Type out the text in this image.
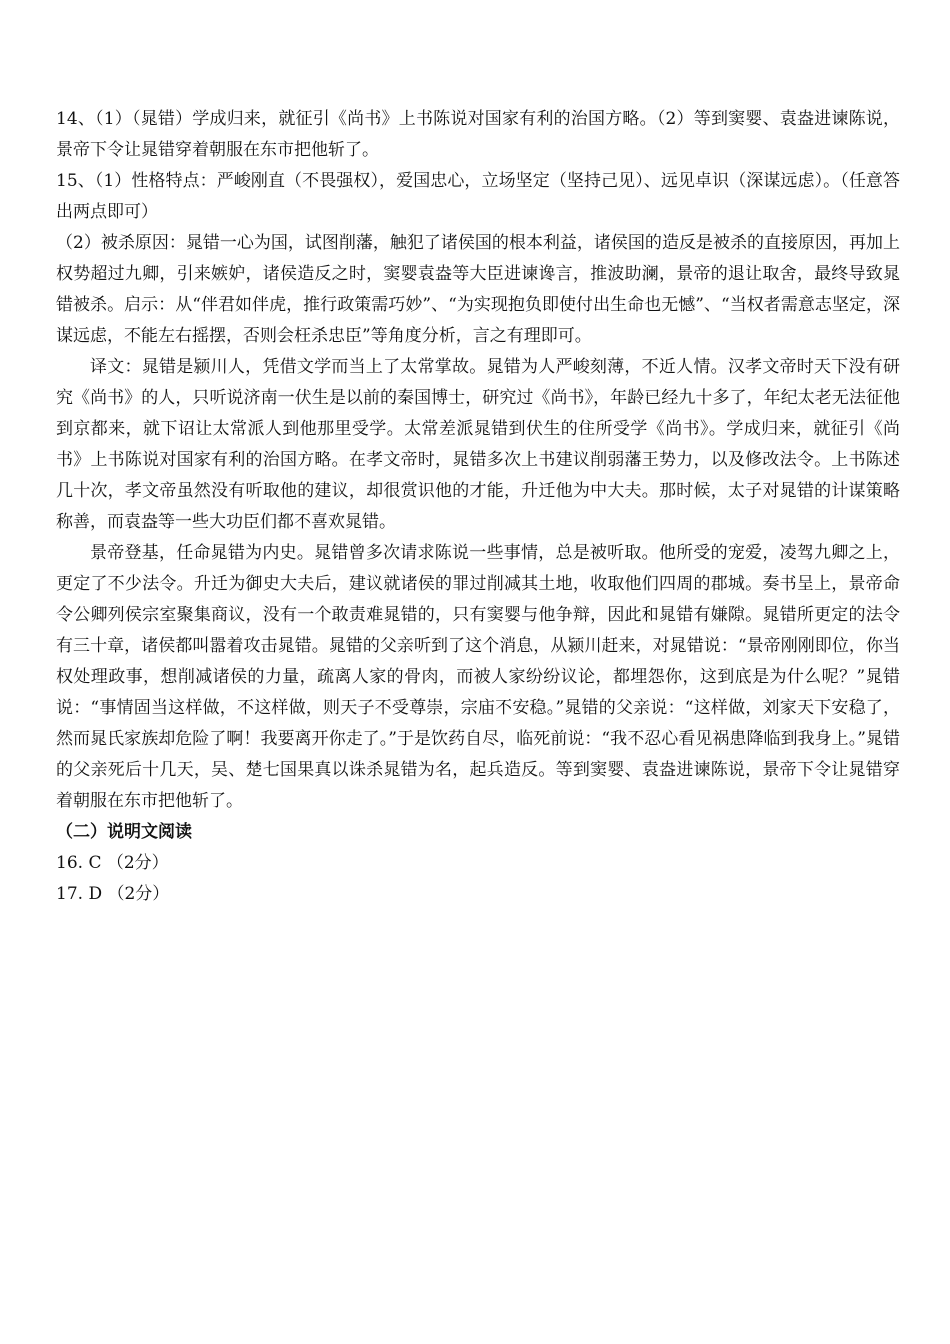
14、（1）（晁错）学成归来，就征引《尚书》上书陈说对国家有利的治国方略。（2）等到窦婴、袁盎进谏陈说，景帝下令让晁错穿着朝服在东市把他斩了。

15、（1）性格特点：严峻刚直（不畏强权），爱国忠心，立场坚定（坚持己见）、远见卓识（深谋远虑）。（任意答出两点即可）

（2）被杀原因：晁错一心为国，试图削藩，触犯了诸侯国的根本利益，诸侯国的造反是被杀的直接原因，再加上权势超过九卿，引来嫉妒，诸侯造反之时，窦婴袁盎等大臣进谏谗言，推波助澜，景帝的退让取舍，最终导致晁错被杀。启示：从“伴君如伴虎，推行政策需巧妙”、“为实现抱负即使付出生命也无憾”、“当权者需意志坚定，深谋远虑，不能左右摇摆，否则会枉杀忠臣”等角度分析，言之有理即可。

译文：晁错是颍川人，凭借文学而当上了太常掌故。晁错为人严峻刻薄，不近人情。汉孝文帝时天下没有研究《尚书》的人，只听说济南一伏生是以前的秦国博士，研究过《尚书》，年龄已经九十多了，年纪太老无法征他到京都来，就下诏让太常派人到他那里受学。太常差派晁错到伏生的住所受学《尚书》。学成归来，就征引《尚书》上书陈说对国家有利的治国方略。在孝文帝时，晁错多次上书建议削弱藩王势力，以及修改法令。上书陈述几十次，孝文帝虽然没有听取他的建议，却很赏识他的才能，升迁他为中大夫。那时候，太子对晁错的计谋策略称善，而袁盎等一些大功臣们都不喜欢晁错。

景帝登基，任命晁错为内史。晁错曾多次请求陈说一些事情，总是被听取。他所受的宠爱，凌驾九卿之上，更定了不少法令。升迁为御史大夫后，建议就诸侯的罪过削减其土地，收取他们四周的郡城。奏书呈上，景帝命令公卿列侯宗室聚集商议，没有一个敢责难晁错的，只有窦婴与他争辩，因此和晁错有嫌隙。晁错所更定的法令有三十章，诸侯都叫嚣着攻击晁错。晁错的父亲听到了这个消息，从颍川赶来，对晁错说：“景帝刚刚即位，你当权处理政事，想削减诸侯的力量，疏离人家的骨肉，而被人家纷纷议论，都埋怨你，这到底是为什么呢？”晁错说：“事情固当这样做，不这样做，则天子不受尊崇，宗庙不安稳。”晁错的父亲说：“这样做，刘家天下安稳了，然而晁氏家族却危险了啊！我要离开你走了。”于是饮药自尽，临死前说：“我不忍心看见祸患降临到我身上。”晁错的父亲死后十几天，吴、楚七国果真以诛杀晁错为名，起兵造反。等到窦婴、袁盎进谏陈说，景帝下令让晁错穿着朝服在东市把他斩了。

（二）说明文阅读

16. C （2分）

17. D （2分）
